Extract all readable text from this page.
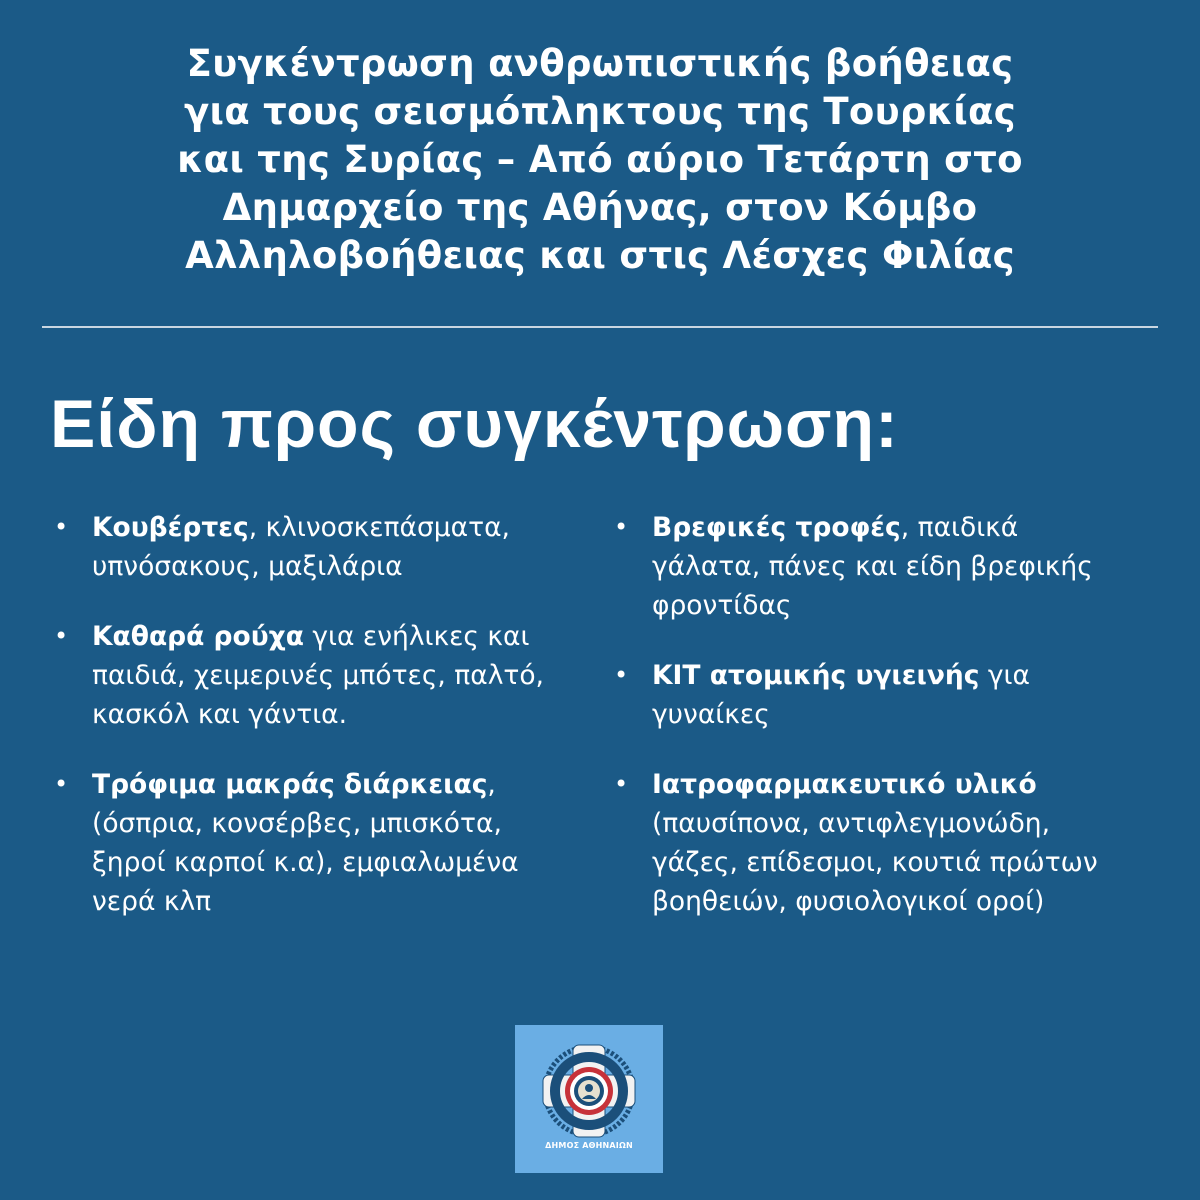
Συγκέντρωση ανθρωπιστικής βοήθειας
για τους σεισμόπληκτους της Τουρκίας
και της Συρίας – Από αύριο Τετάρτη στο
Δημαρχείο της Αθήνας, στον Κόμβο
Αλληλοβοήθειας και στις Λέσχες Φιλίας
Είδη προς συγκέντρωση:
• Κουβέρτες, κλινοσκεπάσματα, υπνόσακους, μαξιλάρια
• Καθαρά ρούχα για ενήλικες και παιδιά, χειμερινές μπότες, παλτό, κασκόλ και γάντια.
• Τρόφιμα μακράς διάρκειας, (όσπρια, κονσέρβες, μπισκότα, ξηροί καρποί κ.α), εμφιαλωμένα νερά κλπ
• Βρεφικές τροφές, παιδικά γάλατα, πάνες και είδη βρεφικής φροντίδας
• ΚΙΤ ατομικής υγιεινής για γυναίκες
• Ιατροφαρμακευτικό υλικό (παυσίπονα, αντιφλεγμονώδη, γάζες, επίδεσμοι, κουτιά πρώτων βοηθειών, φυσιολογικοί οροί)
ΔΗΜΟΣ ΑΘΗΝΑΙΩΝ
